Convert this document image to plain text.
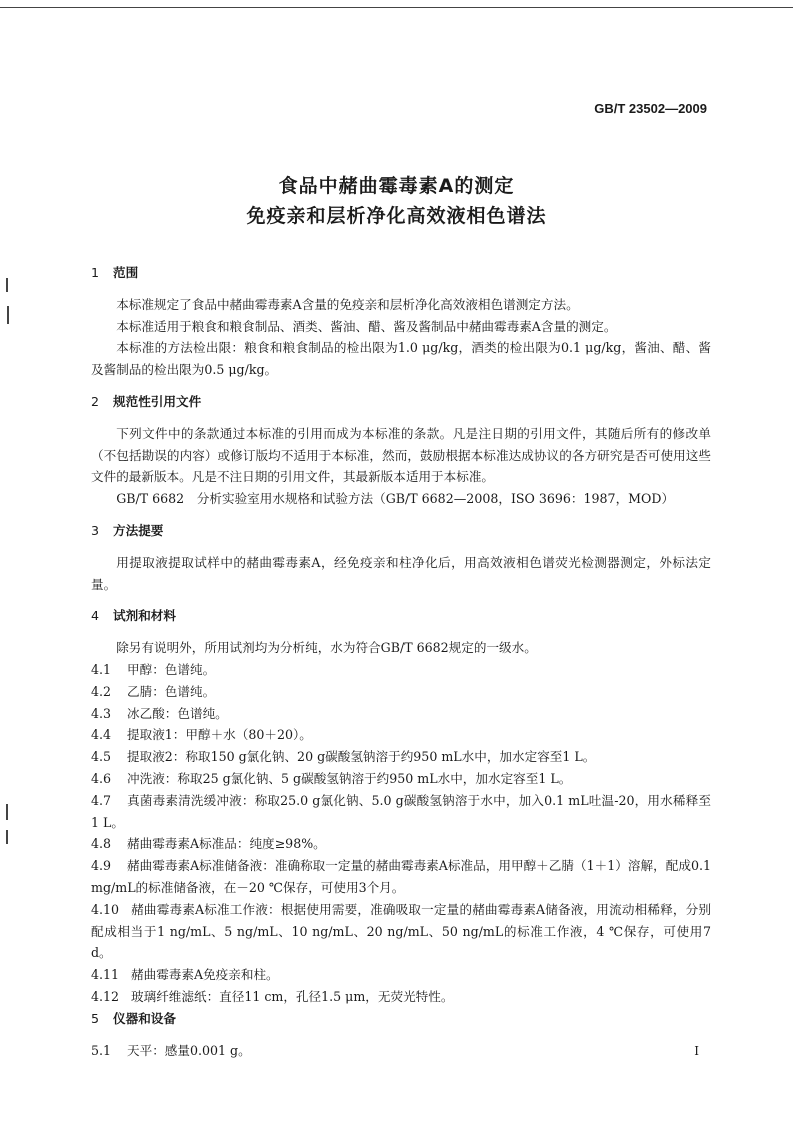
GB/T 23502—2009
食品中赭曲霉毒素A的测定
免疫亲和层析净化高效液相色谱法
1 范围

本标准规定了食品中赭曲霉毒素A含量的免疫亲和层析净化高效液相色谱测定方法。

本标准适用于粮食和粮食制品、酒类、酱油、醋、酱及酱制品中赭曲霉毒素A含量的测定。

本标准的方法检出限：粮食和粮食制品的检出限为1.0 μg/kg，酒类的检出限为0.1 μg/kg，酱油、醋、酱及酱制品的检出限为0.5 μg/kg。

2 规范性引用文件

下列文件中的条款通过本标准的引用而成为本标准的条款。凡是注日期的引用文件，其随后所有的修改单（不包括勘误的内容）或修订版均不适用于本标准，然而，鼓励根据本标准达成协议的各方研究是否可使用这些文件的最新版本。凡是不注日期的引用文件，其最新版本适用于本标准。

GB/T 6682　分析实验室用水规格和试验方法（GB/T 6682—2008，ISO 3696：1987，MOD）

3 方法提要

用提取液提取试样中的赭曲霉毒素A，经免疫亲和柱净化后，用高效液相色谱荧光检测器测定，外标法定量。

4 试剂和材料

除另有说明外，所用试剂均为分析纯，水为符合GB/T 6682规定的一级水。

4.1 甲醇：色谱纯。

4.2 乙腈：色谱纯。

4.3 冰乙酸：色谱纯。

4.4 提取液1：甲醇＋水（80＋20）。

4.5 提取液2：称取150 g氯化钠、20 g碳酸氢钠溶于约950 mL水中，加水定容至1 L。

4.6 冲洗液：称取25 g氯化钠、5 g碳酸氢钠溶于约950 mL水中，加水定容至1 L。

4.7 真菌毒素清洗缓冲液：称取25.0 g氯化钠、5.0 g碳酸氢钠溶于水中，加入0.1 mL吐温-20，用水稀释至1 L。

4.8 赭曲霉毒素A标准品：纯度≥98%。

4.9 赭曲霉毒素A标准储备液：准确称取一定量的赭曲霉毒素A标准品，用甲醇＋乙腈（1＋1）溶解，配成0.1 mg/mL的标准储备液，在－20 ℃保存，可使用3个月。

4.10 赭曲霉毒素A标准工作液：根据使用需要，准确吸取一定量的赭曲霉毒素A储备液，用流动相稀释，分别配成相当于1 ng/mL、5 ng/mL、10 ng/mL、20 ng/mL、50 ng/mL的标准工作液，4 ℃保存，可使用7 d。

4.11 赭曲霉毒素A免疫亲和柱。

4.12 玻璃纤维滤纸：直径11 cm，孔径1.5 μm，无荧光特性。

5 仪器和设备

5.1 天平：感量0.001 g。	I
